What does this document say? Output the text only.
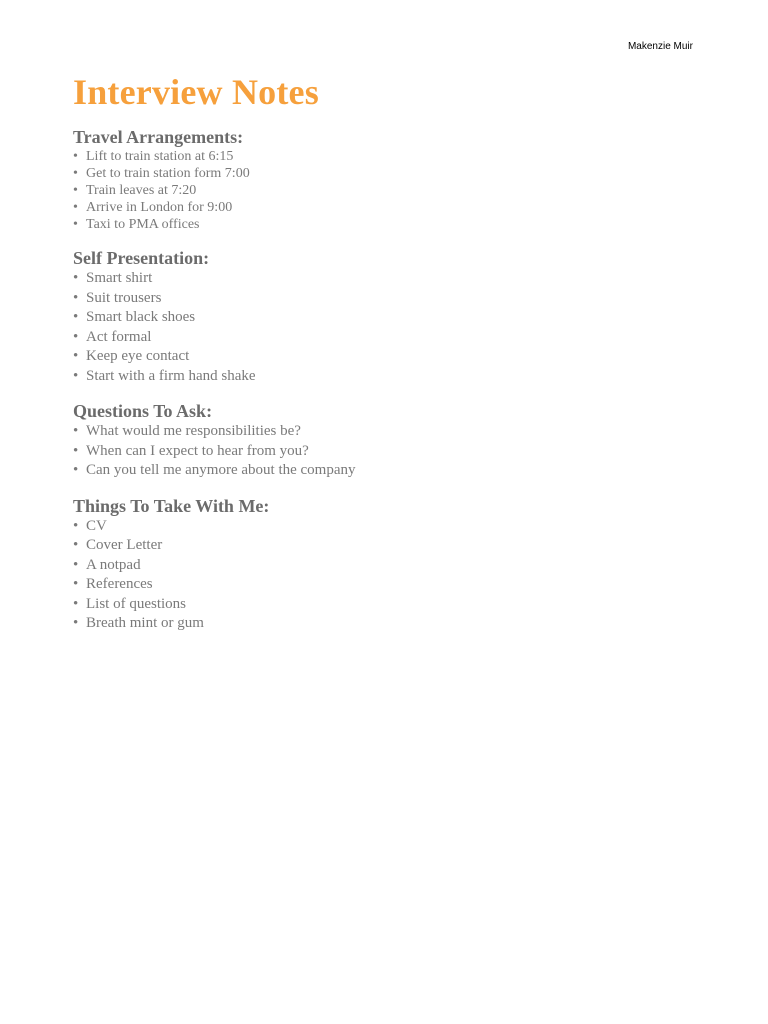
Makenzie Muir
Interview Notes
Travel Arrangements:
• Lift to train station at 6:15
• Get to train station form 7:00
• Train leaves at 7:20
• Arrive in London for 9:00
• Taxi to PMA offices
Self Presentation:
• Smart shirt
• Suit trousers
• Smart black shoes
• Act formal
• Keep eye contact
• Start with a firm hand shake
Questions To Ask:
• What would me responsibilities be?
• When can I expect to hear from you?
• Can you tell me anymore about the company
Things To Take With Me:
• CV
• Cover Letter
• A notpad
• References
• List of questions
• Breath mint or gum
